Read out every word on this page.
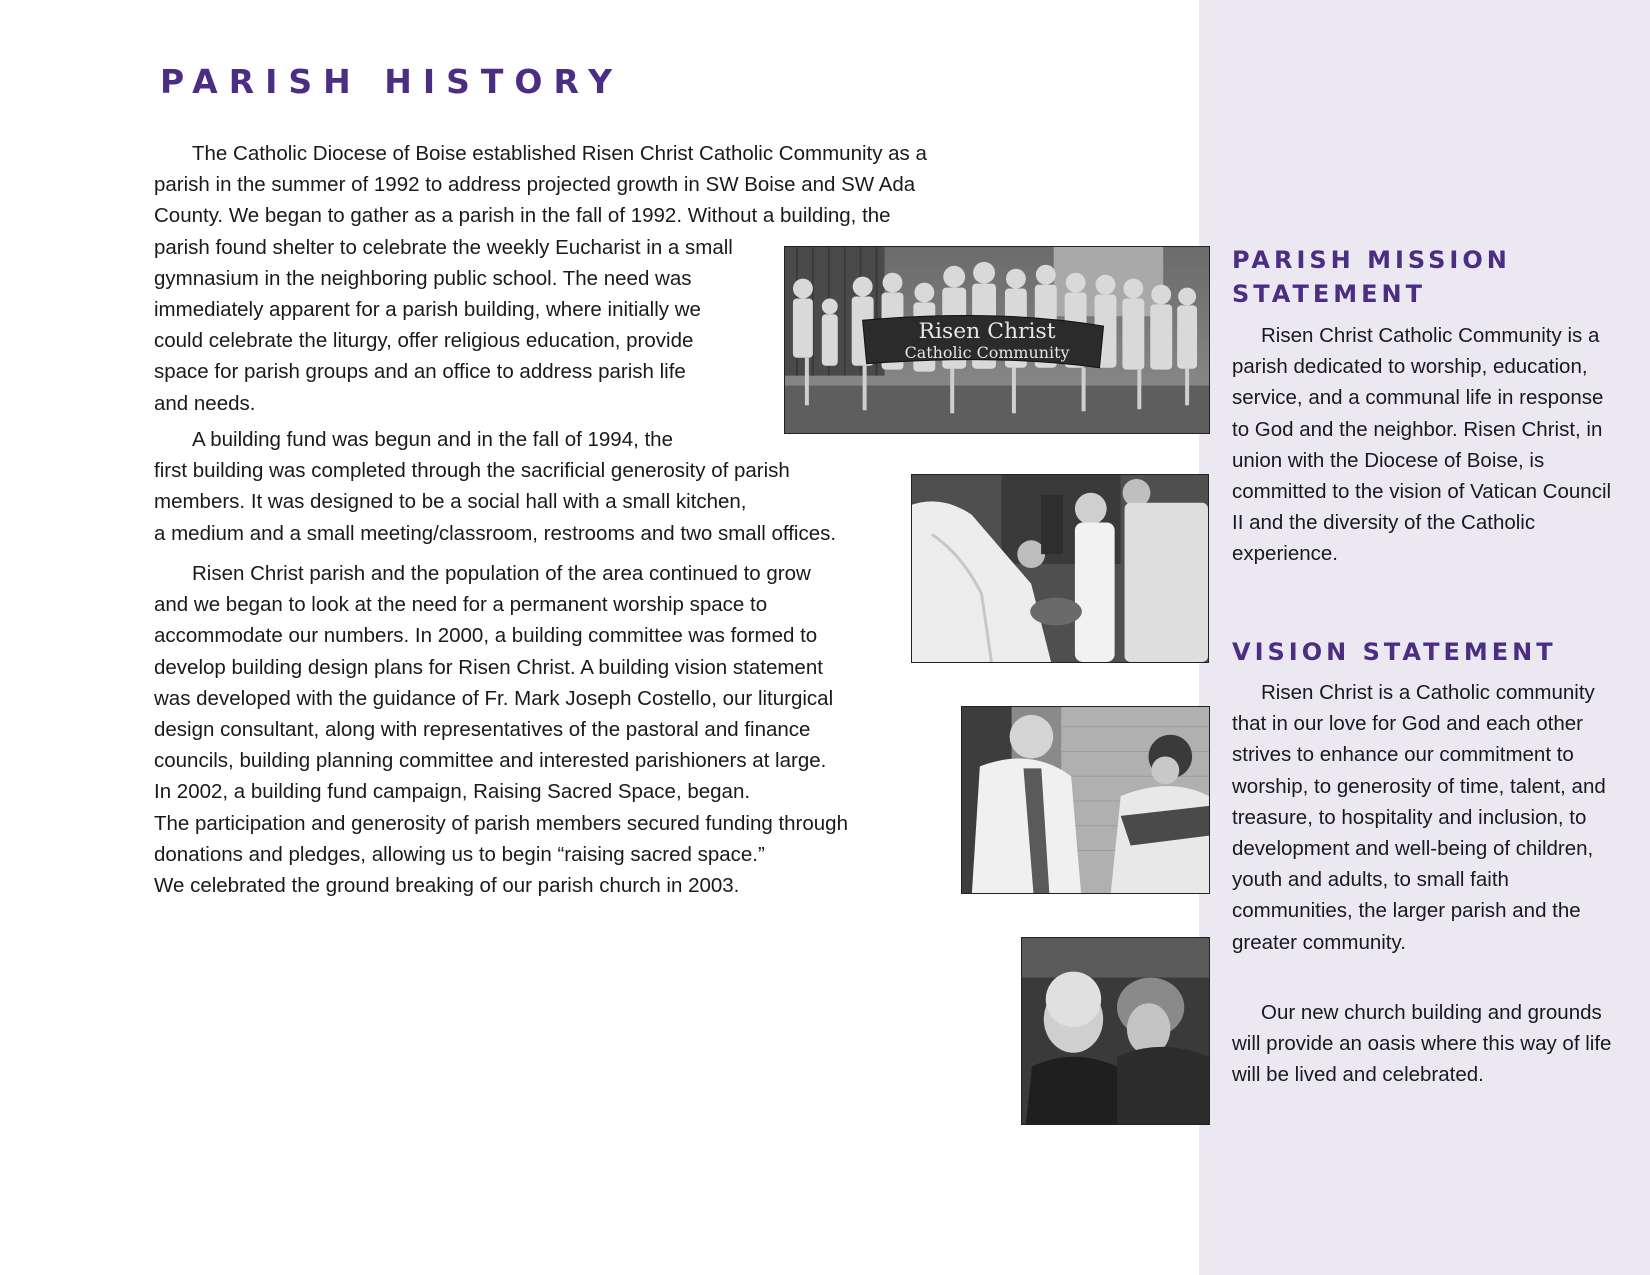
PARISH HISTORY
The Catholic Diocese of Boise established Risen Christ Catholic Community as a
parish in the summer of 1992 to address projected growth in SW Boise and SW Ada
County. We began to gather as a parish in the fall of 1992. Without a building, the
parish found shelter to celebrate the weekly Eucharist in a small
gymnasium in the neighboring public school. The need was
immediately apparent for a parish building, where initially we
could celebrate the liturgy, offer religious education, provide
space for parish groups and an office to address parish life
and needs.
A building fund was begun and in the fall of 1994, the
first building was completed through the sacrificial generosity of parish
members. It was designed to be a social hall with a small kitchen,
a medium and a small meeting/classroom, restrooms and two small offices.
Risen Christ parish and the population of the area continued to grow
and we began to look at the need for a permanent worship space to
accommodate our numbers. In 2000, a building committee was formed to
develop building design plans for Risen Christ. A building vision statement
was developed with the guidance of Fr. Mark Joseph Costello, our liturgical
design consultant, along with representatives of the pastoral and finance
councils, building planning committee and interested parishioners at large.
In 2002, a building fund campaign, Raising Sacred Space, began.
The participation and generosity of parish members secured funding through
donations and pledges, allowing us to begin “raising sacred space.”
We celebrated the ground breaking of our parish church in 2003.
Risen Christ
Catholic Community
PARISH MISSION
STATEMENT

Risen Christ Catholic Community is a parish dedicated to worship, education, service, and a communal life in response to God and the neighbor. Risen Christ, in union with the Diocese of Boise, is committed to the vision of Vatican Council II and the diversity of the Catholic experience.

VISION STATEMENT

Risen Christ is a Catholic community that in our love for God and each other strives to enhance our commitment to worship, to generosity of time, talent, and treasure, to hospitality and inclusion, to development and well-being of children, youth and adults, to small faith communities, the larger parish and the greater community.

Our new church building and grounds will provide an oasis where this way of life will be lived and celebrated.
